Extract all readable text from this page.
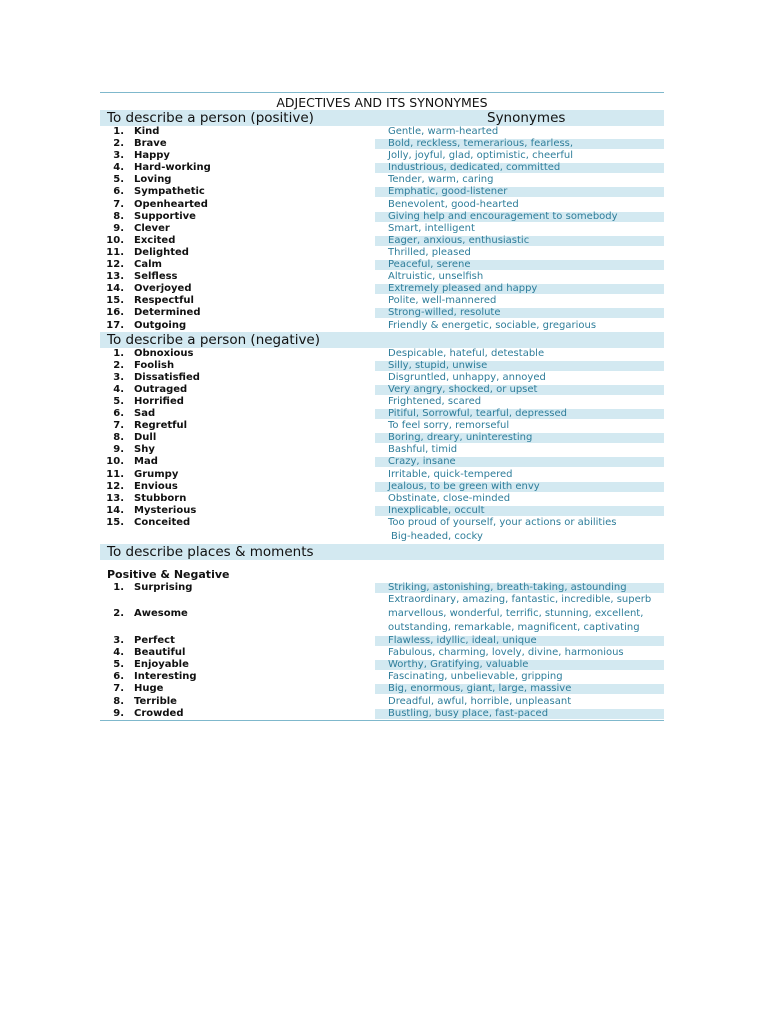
ADJECTIVES AND ITS SYNONYMES
To describe a person (positive)	Synonymes
1. Kind	Gentle, warm-hearted
2. Brave	Bold, reckless, temerarious, fearless,
3. Happy	Jolly, joyful, glad, optimistic, cheerful
4. Hard-working	Industrious, dedicated, committed
5. Loving	Tender, warm, caring
6. Sympathetic	Emphatic, good-listener
7. Openhearted	Benevolent, good-hearted
8. Supportive	Giving help and encouragement to somebody
9. Clever	Smart, intelligent
10. Excited	Eager, anxious, enthusiastic
11. Delighted	Thrilled, pleased
12. Calm	Peaceful, serene
13. Selfless	Altruistic, unselfish
14. Overjoyed	Extremely pleased and happy
15. Respectful	Polite, well-mannered
16. Determined	Strong-willed, resolute
17. Outgoing	Friendly & energetic, sociable, gregarious
To describe a person (negative)
1. Obnoxious	Despicable, hateful, detestable
2. Foolish	Silly, stupid, unwise
3. Dissatisfied	Disgruntled, unhappy, annoyed
4. Outraged	Very angry, shocked, or upset
5. Horrified	Frightened, scared
6. Sad	Pitiful, Sorrowful, tearful, depressed
7. Regretful	To feel sorry, remorseful
8. Dull	Boring, dreary, uninteresting
9. Shy	Bashful, timid
10. Mad	Crazy, insane
11. Grumpy	Irritable, quick-tempered
12. Envious	Jealous, to be green with envy
13. Stubborn	Obstinate, close-minded
14. Mysterious	Inexplicable, occult
15. Conceited	Too proud of yourself, your actions or abilities
Big-headed, cocky
To describe places & moments
Positive & Negative
1. Surprising	Striking, astonishing, breath-taking, astounding
Extraordinary, amazing, fantastic, incredible, superb
2. Awesome	marvellous, wonderful, terrific, stunning, excellent,
outstanding, remarkable, magnificent, captivating
3. Perfect	Flawless, idyllic, ideal, unique
4. Beautiful	Fabulous, charming, lovely, divine, harmonious
5. Enjoyable	Worthy, Gratifying, valuable
6. Interesting	Fascinating, unbelievable, gripping
7. Huge	Big, enormous, giant, large, massive
8. Terrible	Dreadful, awful, horrible, unpleasant
9. Crowded	Bustling, busy place, fast-paced
